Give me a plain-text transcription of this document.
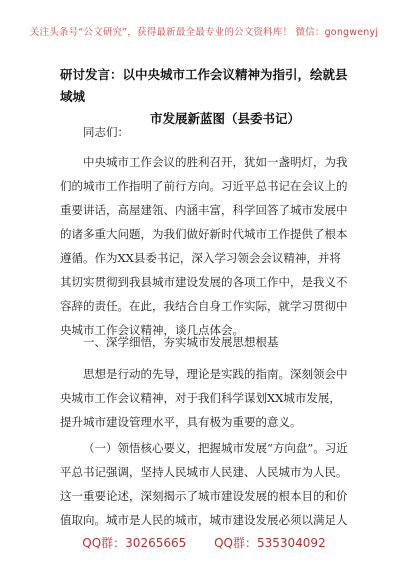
关注头条号“公文研究”，获得最新最全最专业的公文资料库！ 微信：gongwenyj
研讨发言：以中央城市工作会议精神为指引，绘就县域城
市发展新蓝图（县委书记）

同志们：

中央城市工作会议的胜利召开，犹如一盏明灯，为我们的城市工作指明了前行方向。习近平总书记在会议上的重要讲话，高屋建瓴、内涵丰富，科学回答了城市发展中的诸多重大问题，为我们做好新时代城市工作提供了根本遵循。作为XX县委书记，深入学习领会会议精神，并将其切实贯彻到我县城市建设发展的各项工作中，是我义不容辞的责任。在此，我结合自身工作实际，就学习贯彻中央城市工作会议精神，谈几点体会。

一、深学细悟，夯实城市发展思想根基

思想是行动的先导，理论是实践的指南。深刻领会中央城市工作会议精神，对于我们科学谋划XX城市发展，提升城市建设管理水平，具有极为重要的意义。

（一）领悟核心要义，把握城市发展“方向盘”。习近平总书记强调，坚持人民城市人民建、人民城市为人民。这一重要论述，深刻揭示了城市建设发展的根本目的和价值取向。城市是人民的城市，城市建设发展必须以满足人

QQ群：30265665 QQ群：535304092
